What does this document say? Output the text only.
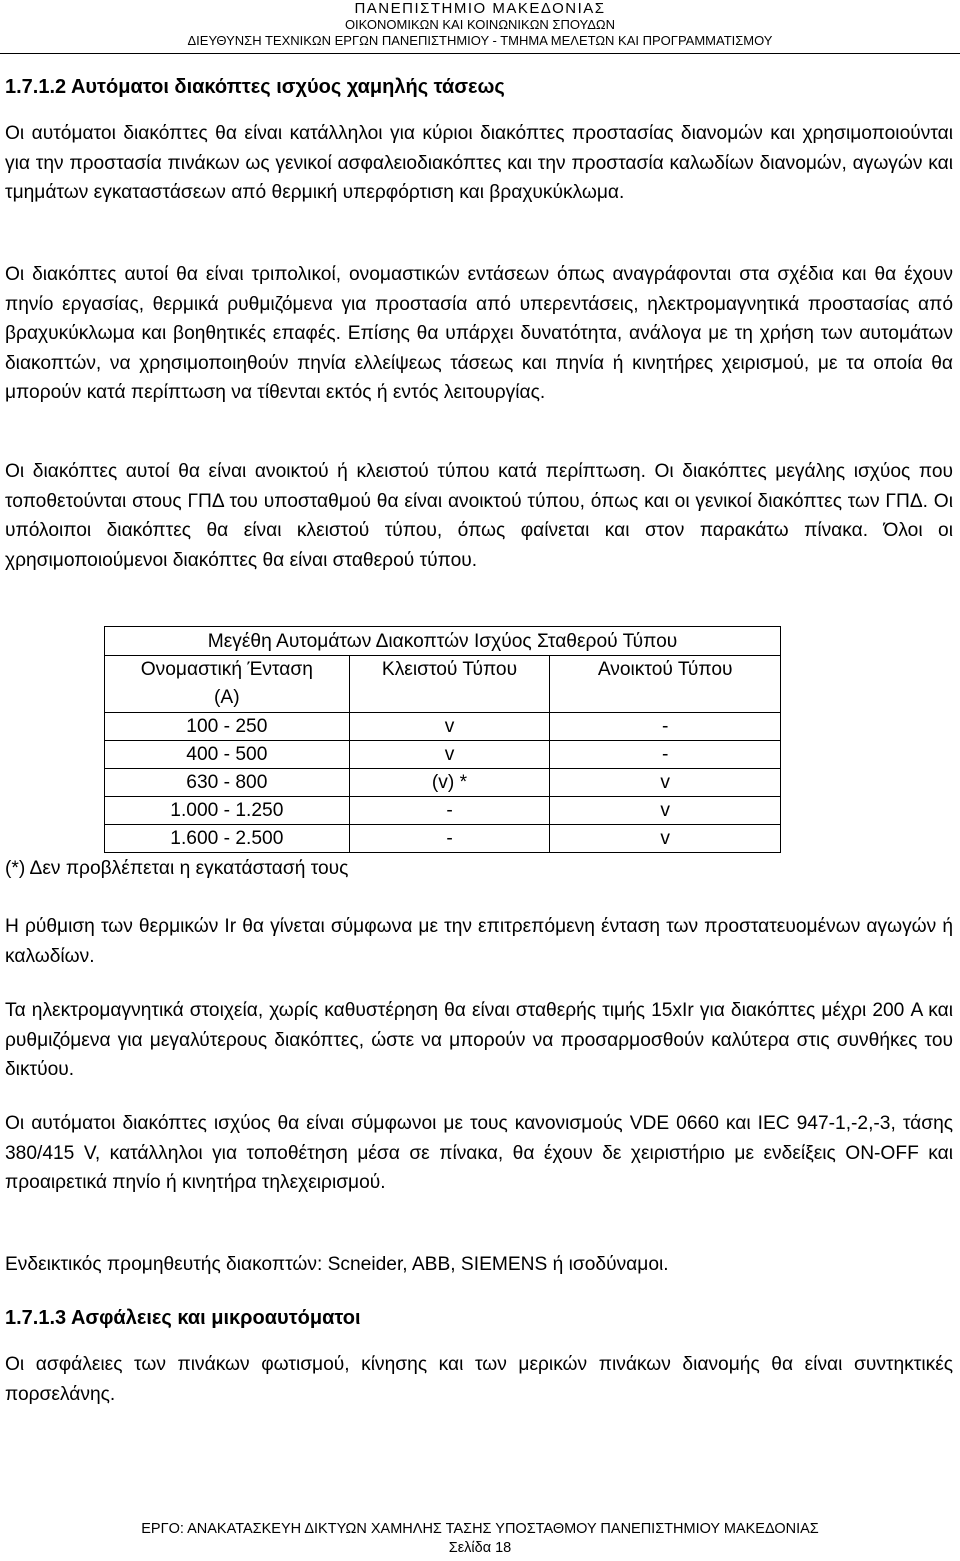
ΠΑΝΕΠΙΣΤΗΜΙΟ ΜΑΚΕΔΟΝΙΑΣ
ΟΙΚΟΝΟΜΙΚΩΝ ΚΑΙ ΚΟΙΝΩΝΙΚΩΝ ΣΠΟΥΔΩΝ
ΔΙΕΥΘΥΝΣΗ ΤΕΧΝΙΚΩΝ ΕΡΓΩΝ ΠΑΝΕΠΙΣΤΗΜΙΟΥ - ΤΜΗΜΑ ΜΕΛΕΤΩΝ ΚΑΙ ΠΡΟΓΡΑΜΜΑΤΙΣΜΟΥ
1.7.1.2 Αυτόματοι διακόπτες ισχύος χαμηλής τάσεως

Οι αυτόματοι διακόπτες θα είναι κατάλληλοι για κύριοι διακόπτες προστασίας διανομών και χρησιμοποιούνται για την προστασία πινάκων ως γενικοί ασφαλειοδιακόπτες και την προστασία καλωδίων διανομών, αγωγών και τμημάτων εγκαταστάσεων από θερμική υπερφόρτιση και βραχυκύκλωμα.

Οι διακόπτες αυτοί θα είναι τριπολικοί, ονομαστικών εντάσεων όπως αναγράφονται στα σχέδια και θα έχουν πηνίο εργασίας, θερμικά ρυθμιζόμενα για προστασία από υπερεντάσεις, ηλεκτρομαγνητικά προστασίας από βραχυκύκλωμα και βοηθητικές επαφές. Επίσης θα υπάρχει δυνατότητα, ανάλογα με τη χρήση των αυτομάτων διακοπτών, να χρησιμοποιηθούν πηνία ελλείψεως τάσεως και πηνία ή κινητήρες χειρισμού, με τα οποία θα μπορούν κατά περίπτωση να τίθενται εκτός ή εντός λειτουργίας.

Οι διακόπτες αυτοί θα είναι ανοικτού ή κλειστού τύπου κατά περίπτωση. Οι διακόπτες μεγάλης ισχύος που τοποθετούνται στους ΓΠΔ του υποσταθμού θα είναι ανοικτού τύπου, όπως και οι γενικοί διακόπτες των ΓΠΔ. Οι υπόλοιποι διακόπτες θα είναι κλειστού τύπου, όπως φαίνεται και στον παρακάτω πίνακα. Όλοι οι χρησιμοποιούμενοι διακόπτες θα είναι σταθερού τύπου.

Μεγέθη Αυτομάτων Διακοπτών Ισχύος Σταθερού Τύπου		

Ονομαστική Ένταση
(A)	Κλειστού Τύπου	Ανοικτού Τύπου
100 - 250	v	-
400 - 500	v	-
630 - 800	(v) *	v
1.000 - 1.250	-	v
1.600 - 2.500	-	v
(*) Δεν προβλέπεται η εγκατάστασή τους

Η ρύθμιση των θερμικών Ir θα γίνεται σύμφωνα με την επιτρεπόμενη ένταση των προστατευομένων αγωγών ή καλωδίων.

Τα ηλεκτρομαγνητικά στοιχεία, χωρίς καθυστέρηση θα είναι σταθερής τιμής 15xIr για διακόπτες μέχρι 200 A και ρυθμιζόμενα για μεγαλύτερους διακόπτες, ώστε να μπορούν να προσαρμοσθούν καλύτερα στις συνθήκες του δικτύου.

Οι αυτόματοι διακόπτες ισχύος θα είναι σύμφωνοι με τους κανονισμούς VDE 0660 και IEC 947-1,-2,-3, τάσης 380/415 V, κατάλληλοι για τοποθέτηση μέσα σε πίνακα, θα έχουν δε χειριστήριο με ενδείξεις ON-OFF και προαιρετικά πηνίο ή κινητήρα τηλεχειρισμού.

Ενδεικτικός προμηθευτής διακοπτών: Scneider, ABB, SIEMENS ή ισοδύναμοι.

1.7.1.3 Ασφάλειες και μικροαυτόματοι

Οι ασφάλειες των πινάκων φωτισμού, κίνησης και των μερικών πινάκων διανομής θα είναι συντηκτικές πορσελάνης.

ΕΡΓΟ: ΑΝΑΚΑΤΑΣΚΕΥΗ ΔΙΚΤΥΩΝ ΧΑΜΗΛΗΣ ΤΑΣΗΣ ΥΠΟΣΤΑΘΜΟΥ ΠΑΝΕΠΙΣΤΗΜΙΟΥ ΜΑΚΕΔΟΝΙΑΣ
Σελίδα 18
